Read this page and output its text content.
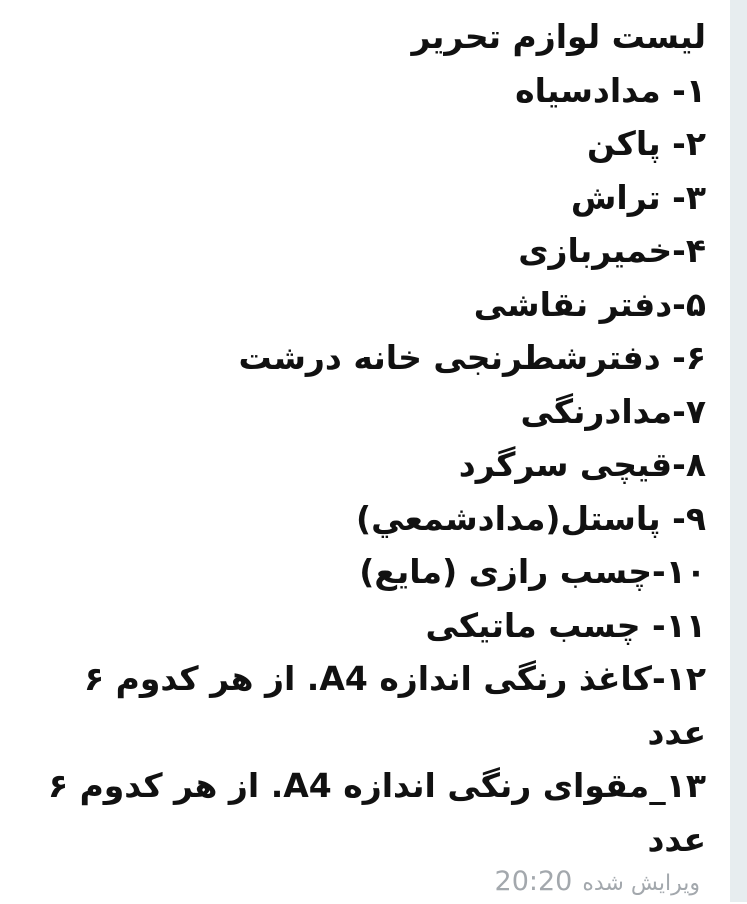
لیست لوازم تحریر
۱- مدادسیاه
۲- پاکن
۳- تراش
۴-خمیربازی
۵-دفتر نقاشی
۶- دفترشطرنجی خانه درشت
۷-مدادرنگی
۸-قیچی سرگرد
۹- پاستل(مدادشمعي)
۱۰-چسب رازی (مایع)
۱۱- چسب ماتیکی
۱۲-کاغذ رنگی اندازه A4. از هر کدوم ۶ عدد
۱۳_مقوای رنگی اندازه A4. از هر کدوم ۶ عدد
ویرایش شده20:20
